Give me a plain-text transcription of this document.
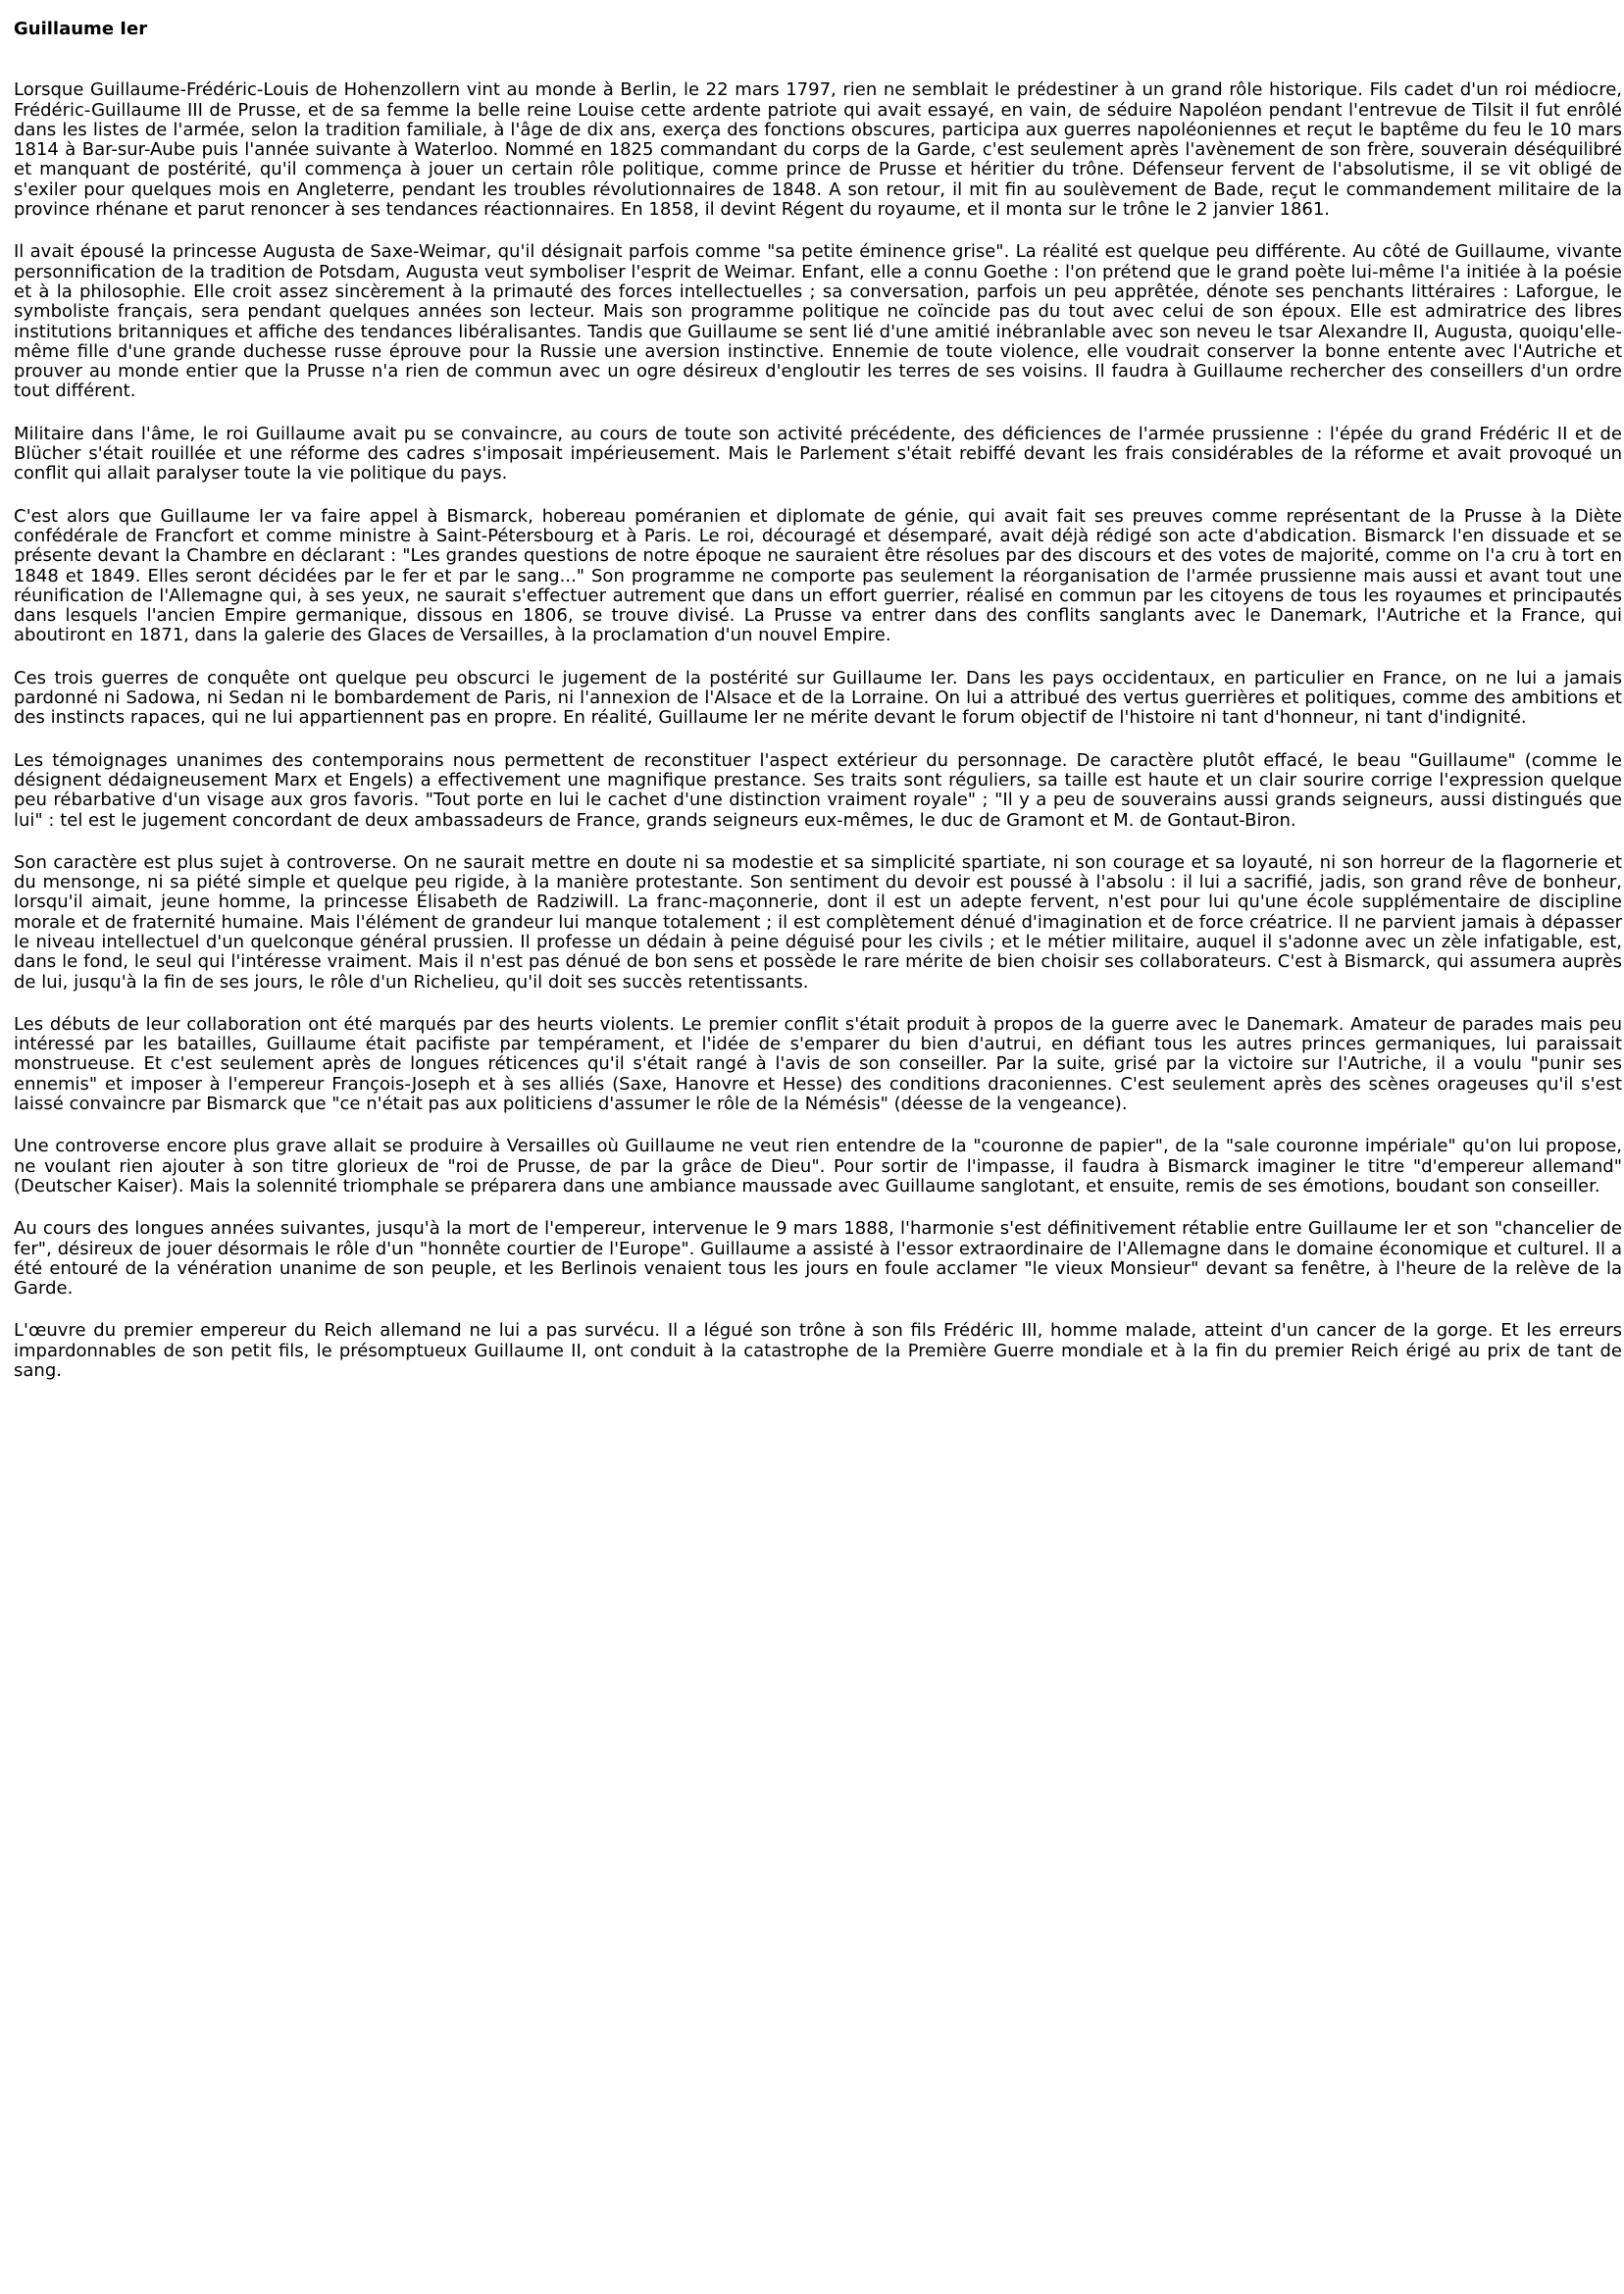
Guillaume Ier

Lorsque Guillaume-Frédéric-Louis de Hohenzollern vint au monde à Berlin, le 22 mars 1797, rien ne semblait le prédestiner à un grand rôle historique. Fils cadet d'un roi médiocre, Frédéric-Guillaume III de Prusse, et de sa femme la belle reine Louise cette ardente patriote qui avait essayé, en vain, de séduire Napoléon pendant l'entrevue de Tilsit il fut enrôlé dans les listes de l'armée, selon la tradition familiale, à l'âge de dix ans, exerça des fonctions obscures, participa aux guerres napoléoniennes et reçut le baptême du feu le 10 mars 1814 à Bar-sur-Aube puis l'année suivante à Waterloo. Nommé en 1825 commandant du corps de la Garde, c'est seulement après l'avènement de son frère, souverain déséquilibré et manquant de postérité, qu'il commença à jouer un certain rôle politique, comme prince de Prusse et héritier du trône. Défenseur fervent de l'absolutisme, il se vit obligé de s'exiler pour quelques mois en Angleterre, pendant les troubles révolutionnaires de 1848. A son retour, il mit fin au soulèvement de Bade, reçut le commandement militaire de la province rhénane et parut renoncer à ses tendances réactionnaires. En 1858, il devint Régent du royaume, et il monta sur le trône le 2 janvier 1861.

Il avait épousé la princesse Augusta de Saxe-Weimar, qu'il désignait parfois comme "sa petite éminence grise". La réalité est quelque peu différente. Au côté de Guillaume, vivante personnification de la tradition de Potsdam, Augusta veut symboliser l'esprit de Weimar. Enfant, elle a connu Goethe : l'on prétend que le grand poète lui-même l'a initiée à la poésie et à la philosophie. Elle croit assez sincèrement à la primauté des forces intellectuelles ; sa conversation, parfois un peu apprêtée, dénote ses penchants littéraires : Laforgue, le symboliste français, sera pendant quelques années son lecteur. Mais son programme politique ne coïncide pas du tout avec celui de son époux. Elle est admiratrice des libres institutions britanniques et affiche des tendances libéralisantes. Tandis que Guillaume se sent lié d'une amitié inébranlable avec son neveu le tsar Alexandre II, Augusta, quoiqu'elle-même fille d'une grande duchesse russe éprouve pour la Russie une aversion instinctive. Ennemie de toute violence, elle voudrait conserver la bonne entente avec l'Autriche et prouver au monde entier que la Prusse n'a rien de commun avec un ogre désireux d'engloutir les terres de ses voisins. Il faudra à Guillaume rechercher des conseillers d'un ordre tout différent.

Militaire dans l'âme, le roi Guillaume avait pu se convaincre, au cours de toute son activité précédente, des déficiences de l'armée prussienne : l'épée du grand Frédéric II et de Blücher s'était rouillée et une réforme des cadres s'imposait impérieusement. Mais le Parlement s'était rebiffé devant les frais considérables de la réforme et avait provoqué un conflit qui allait paralyser toute la vie politique du pays.

C'est alors que Guillaume Ier va faire appel à Bismarck, hobereau poméranien et diplomate de génie, qui avait fait ses preuves comme représentant de la Prusse à la Diète confédérale de Francfort et comme ministre à Saint-Pétersbourg et à Paris. Le roi, découragé et désemparé, avait déjà rédigé son acte d'abdication. Bismarck l'en dissuade et se présente devant la Chambre en déclarant : "Les grandes questions de notre époque ne sauraient être résolues par des discours et des votes de majorité, comme on l'a cru à tort en 1848 et 1849. Elles seront décidées par le fer et par le sang..." Son programme ne comporte pas seulement la réorganisation de l'armée prussienne mais aussi et avant tout une réunification de l'Allemagne qui, à ses yeux, ne saurait s'effectuer autrement que dans un effort guerrier, réalisé en commun par les citoyens de tous les royaumes et principautés dans lesquels l'ancien Empire germanique, dissous en 1806, se trouve divisé. La Prusse va entrer dans des conflits sanglants avec le Danemark, l'Autriche et la France, qui aboutiront en 1871, dans la galerie des Glaces de Versailles, à la proclamation d'un nouvel Empire.

Ces trois guerres de conquête ont quelque peu obscurci le jugement de la postérité sur Guillaume Ier. Dans les pays occidentaux, en particulier en France, on ne lui a jamais pardonné ni Sadowa, ni Sedan ni le bombardement de Paris, ni l'annexion de l'Alsace et de la Lorraine. On lui a attribué des vertus guerrières et politiques, comme des ambitions et des instincts rapaces, qui ne lui appartiennent pas en propre. En réalité, Guillaume Ier ne mérite devant le forum objectif de l'histoire ni tant d'honneur, ni tant d'indignité.

Les témoignages unanimes des contemporains nous permettent de reconstituer l'aspect extérieur du personnage. De caractère plutôt effacé, le beau "Guillaume" (comme le désignent dédaigneusement Marx et Engels) a effectivement une magnifique prestance. Ses traits sont réguliers, sa taille est haute et un clair sourire corrige l'expression quelque peu rébarbative d'un visage aux gros favoris. "Tout porte en lui le cachet d'une distinction vraiment royale" ; "Il y a peu de souverains aussi grands seigneurs, aussi distingués que lui" : tel est le jugement concordant de deux ambassadeurs de France, grands seigneurs eux-mêmes, le duc de Gramont et M. de Gontaut-Biron.

Son caractère est plus sujet à controverse. On ne saurait mettre en doute ni sa modestie et sa simplicité spartiate, ni son courage et sa loyauté, ni son horreur de la flagornerie et du mensonge, ni sa piété simple et quelque peu rigide, à la manière protestante. Son sentiment du devoir est poussé à l'absolu : il lui a sacrifié, jadis, son grand rêve de bonheur, lorsqu'il aimait, jeune homme, la princesse Élisabeth de Radziwill. La franc-maçonnerie, dont il est un adepte fervent, n'est pour lui qu'une école supplémentaire de discipline morale et de fraternité humaine. Mais l'élément de grandeur lui manque totalement ; il est complètement dénué d'imagination et de force créatrice. Il ne parvient jamais à dépasser le niveau intellectuel d'un quelconque général prussien. Il professe un dédain à peine déguisé pour les civils ; et le métier militaire, auquel il s'adonne avec un zèle infatigable, est, dans le fond, le seul qui l'intéresse vraiment. Mais il n'est pas dénué de bon sens et possède le rare mérite de bien choisir ses collaborateurs. C'est à Bismarck, qui assumera auprès de lui, jusqu'à la fin de ses jours, le rôle d'un Richelieu, qu'il doit ses succès retentissants.

Les débuts de leur collaboration ont été marqués par des heurts violents. Le premier conflit s'était produit à propos de la guerre avec le Danemark. Amateur de parades mais peu intéressé par les batailles, Guillaume était pacifiste par tempérament, et l'idée de s'emparer du bien d'autrui, en défiant tous les autres princes germaniques, lui paraissait monstrueuse. Et c'est seulement après de longues réticences qu'il s'était rangé à l'avis de son conseiller. Par la suite, grisé par la victoire sur l'Autriche, il a voulu "punir ses ennemis" et imposer à l'empereur François-Joseph et à ses alliés (Saxe, Hanovre et Hesse) des conditions draconiennes. C'est seulement après des scènes orageuses qu'il s'est laissé convaincre par Bismarck que "ce n'était pas aux politiciens d'assumer le rôle de la Némésis" (déesse de la vengeance).

Une controverse encore plus grave allait se produire à Versailles où Guillaume ne veut rien entendre de la "couronne de papier", de la "sale couronne impériale" qu'on lui propose, ne voulant rien ajouter à son titre glorieux de "roi de Prusse, de par la grâce de Dieu". Pour sortir de l'impasse, il faudra à Bismarck imaginer le titre "d'empereur allemand" (Deutscher Kaiser). Mais la solennité triomphale se préparera dans une ambiance maussade avec Guillaume sanglotant, et ensuite, remis de ses émotions, boudant son conseiller.

Au cours des longues années suivantes, jusqu'à la mort de l'empereur, intervenue le 9 mars 1888, l'harmonie s'est définitivement rétablie entre Guillaume Ier et son "chancelier de fer", désireux de jouer désormais le rôle d'un "honnête courtier de l'Europe". Guillaume a assisté à l'essor extraordinaire de l'Allemagne dans le domaine économique et culturel. Il a été entouré de la vénération unanime de son peuple, et les Berlinois venaient tous les jours en foule acclamer "le vieux Monsieur" devant sa fenêtre, à l'heure de la relève de la Garde.

L'œuvre du premier empereur du Reich allemand ne lui a pas survécu. Il a légué son trône à son fils Frédéric III, homme malade, atteint d'un cancer de la gorge. Et les erreurs impardonnables de son petit fils, le présomptueux Guillaume II, ont conduit à la catastrophe de la Première Guerre mondiale et à la fin du premier Reich érigé au prix de tant de sang.
